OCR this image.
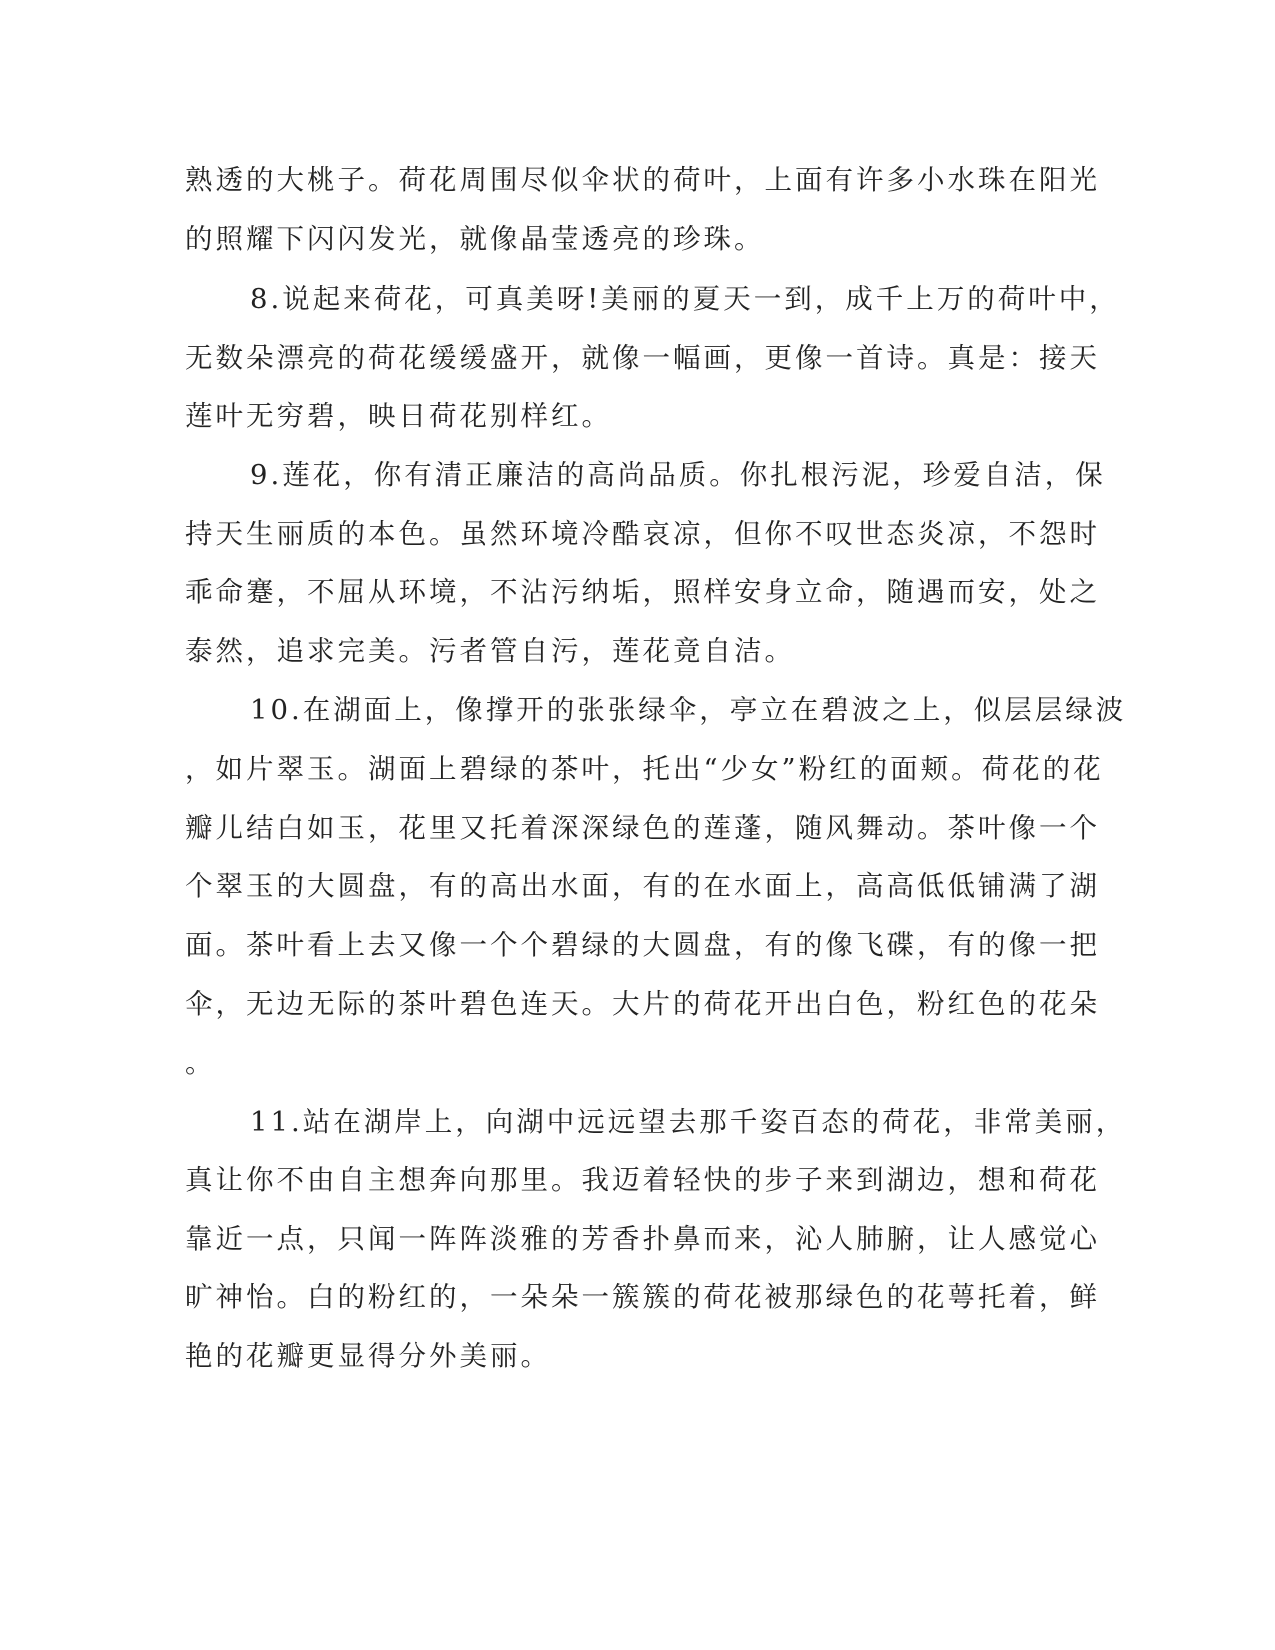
熟透的大桃子。荷花周围尽似伞状的荷叶，上面有许多小水珠在阳光
的照耀下闪闪发光，就像晶莹透亮的珍珠。
8.说起来荷花，可真美呀!美丽的夏天一到，成千上万的荷叶中，
无数朵漂亮的荷花缓缓盛开，就像一幅画，更像一首诗。真是：接天
莲叶无穷碧，映日荷花别样红。
9.莲花，你有清正廉洁的高尚品质。你扎根污泥，珍爱自洁，保
持天生丽质的本色。虽然环境冷酷哀凉，但你不叹世态炎凉，不怨时
乖命蹇，不屈从环境，不沾污纳垢，照样安身立命，随遇而安，处之
泰然，追求完美。污者管自污，莲花竟自洁。
10.在湖面上，像撑开的张张绿伞，亭立在碧波之上，似层层绿波
，如片翠玉。湖面上碧绿的茶叶，托出“少女”粉红的面颊。荷花的花
瓣儿结白如玉，花里又托着深深绿色的莲蓬，随风舞动。茶叶像一个
个翠玉的大圆盘，有的高出水面，有的在水面上，高高低低铺满了湖
面。茶叶看上去又像一个个碧绿的大圆盘，有的像飞碟，有的像一把
伞，无边无际的茶叶碧色连天。大片的荷花开出白色，粉红色的花朵
。
11.站在湖岸上，向湖中远远望去那千姿百态的荷花，非常美丽，
真让你不由自主想奔向那里。我迈着轻快的步子来到湖边，想和荷花
靠近一点，只闻一阵阵淡雅的芳香扑鼻而来，沁人肺腑，让人感觉心
旷神怡。白的粉红的，一朵朵一簇簇的荷花被那绿色的花萼托着，鲜
艳的花瓣更显得分外美丽。
